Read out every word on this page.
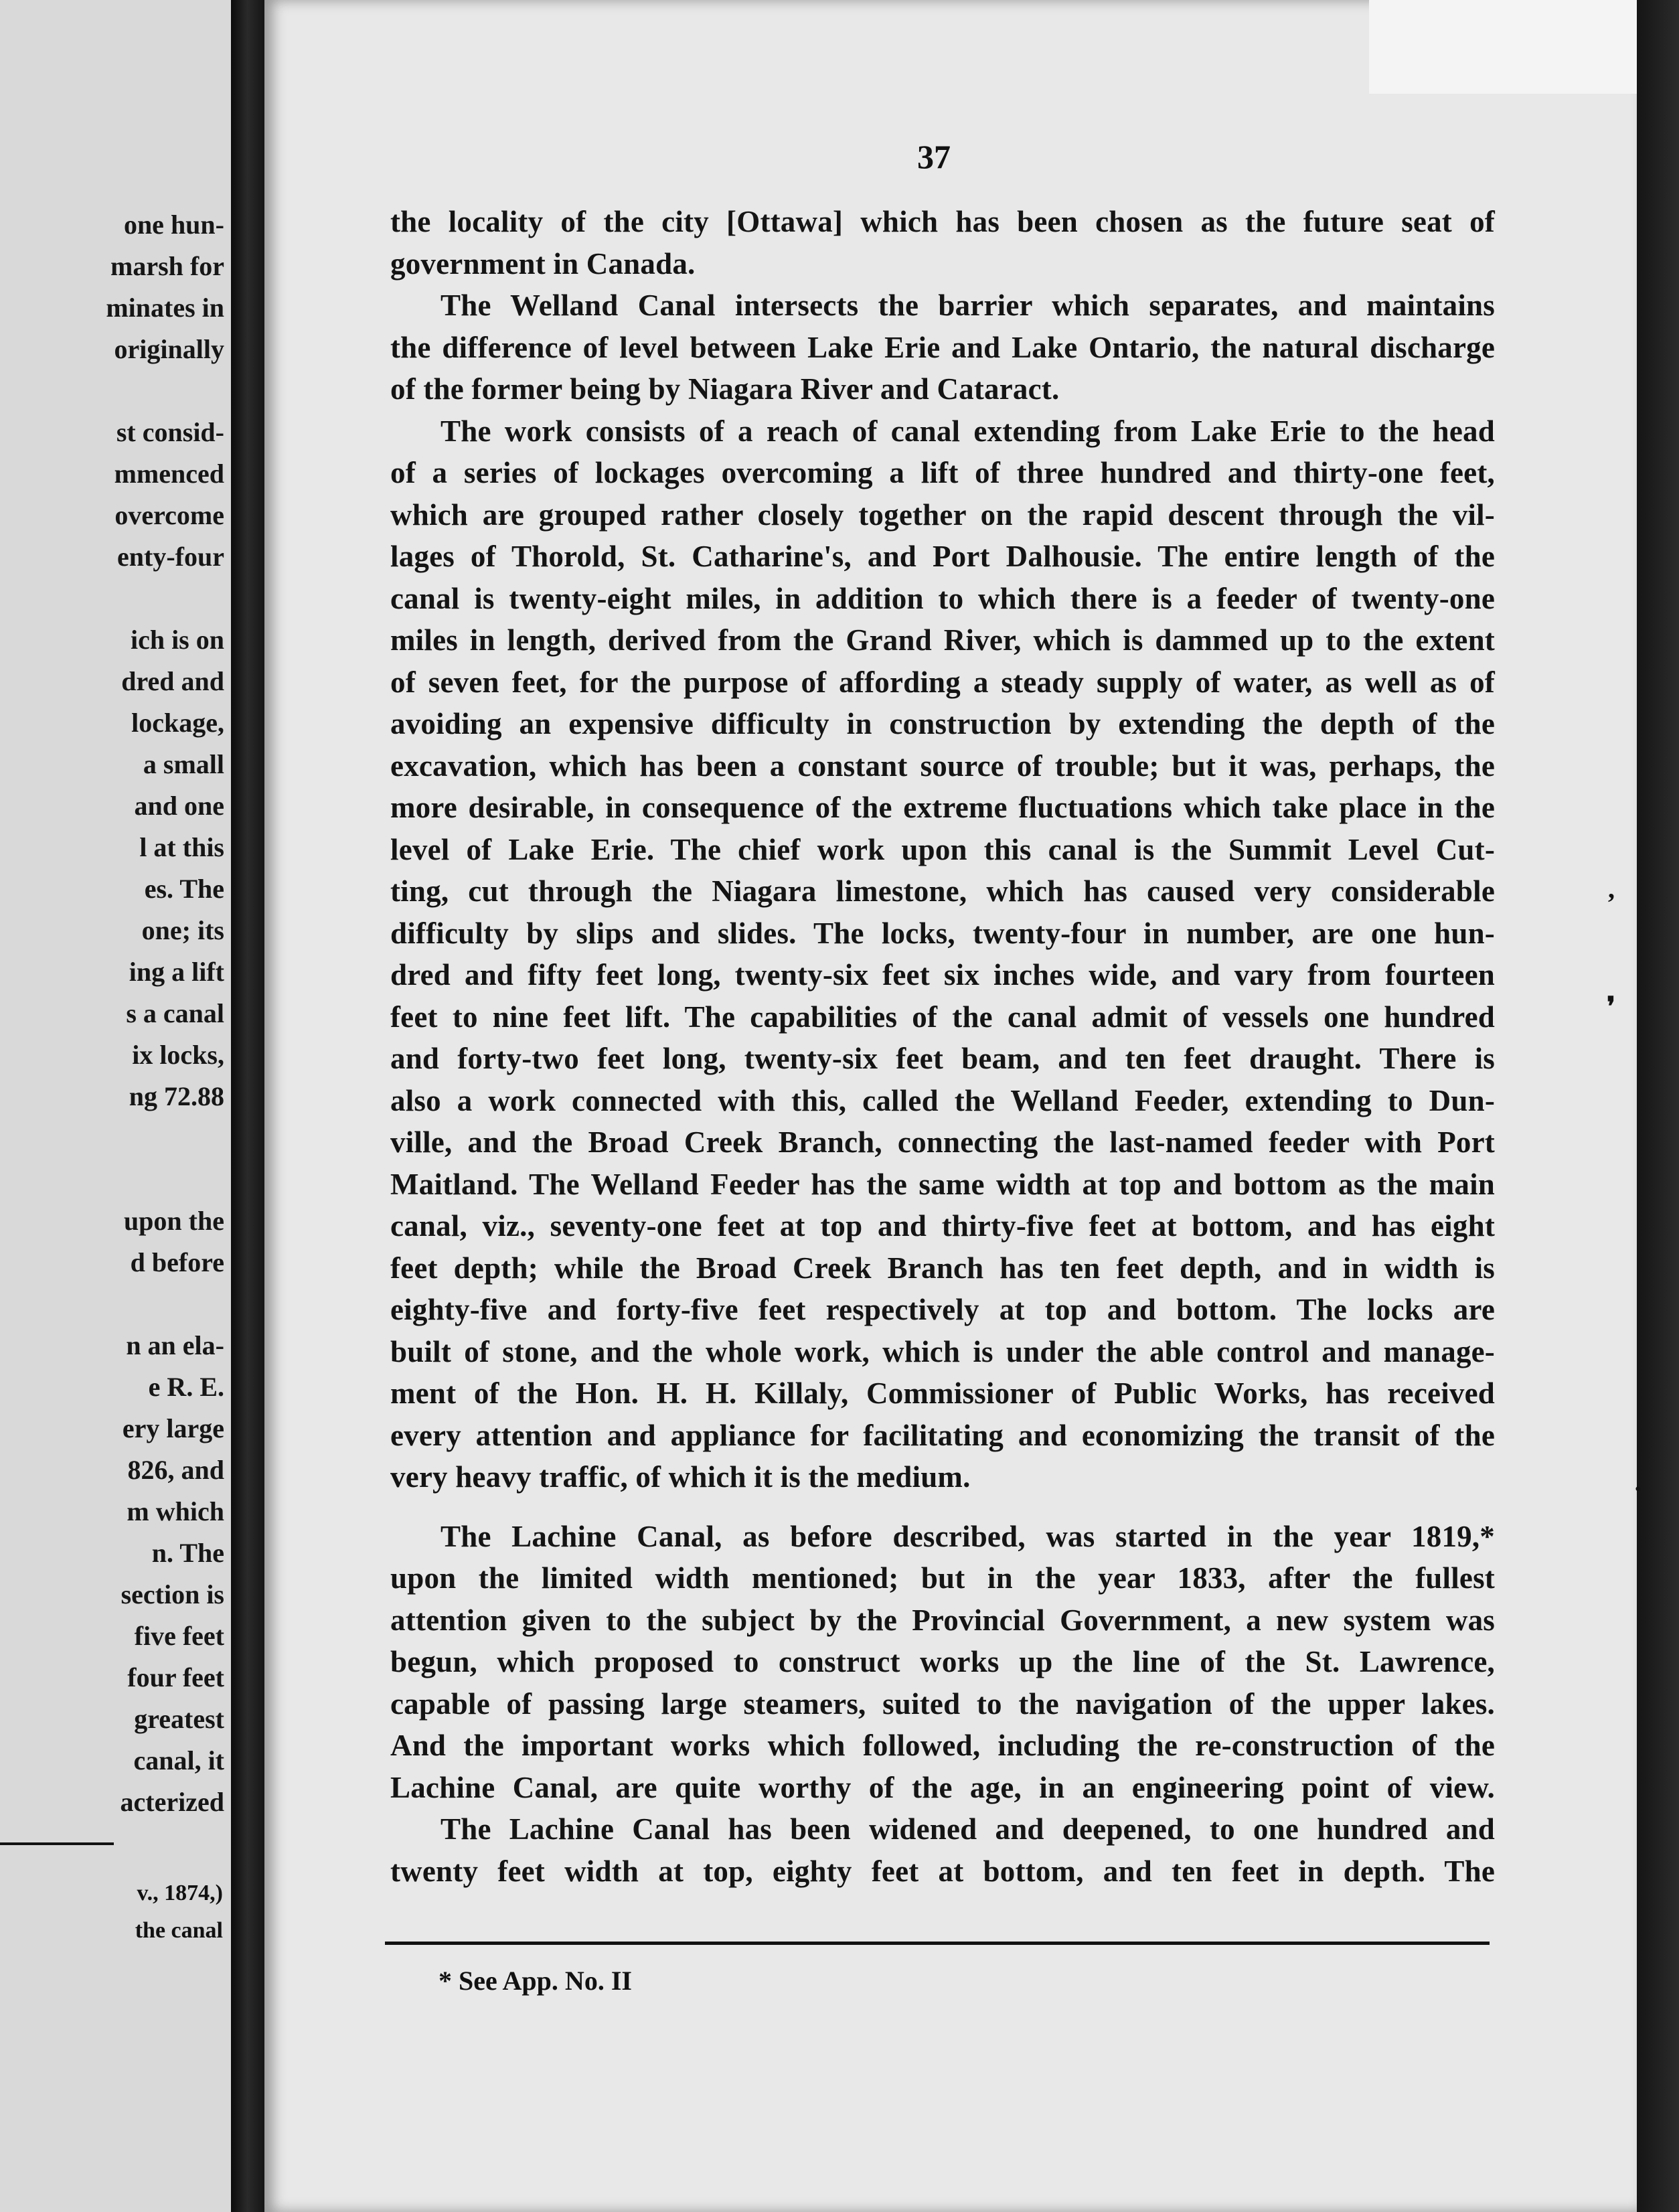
one hun-
marsh for
minates in
originally

st consid-
mmenced
overcome
enty-four

ich is on
dred and
lockage,
a small
and one
l at this
es. The
one; its
ing a lift
s a canal
ix locks,
ng 72.88

upon the
d before

n an ela-
e R. E.
ery large
826, and
m which
n. The
section is
five feet
four feet
greatest
canal, it
acterized
v., 1874,)
the canal
37
the locality of the city [Ottawa] which has been chosen as the future seat of
government in Canada.
The Welland Canal intersects the barrier which separates, and maintains
the difference of level between Lake Erie and Lake Ontario, the natural discharge
of the former being by Niagara River and Cataract.
The work consists of a reach of canal extending from Lake Erie to the head
of a series of lockages overcoming a lift of three hundred and thirty-one feet,
which are grouped rather closely together on the rapid descent through the vil-
lages of Thorold, St. Catharine's, and Port Dalhousie. The entire length of the
canal is twenty-eight miles, in addition to which there is a feeder of twenty-one
miles in length, derived from the Grand River, which is dammed up to the extent
of seven feet, for the purpose of affording a steady supply of water, as well as of
avoiding an expensive difficulty in construction by extending the depth of the
excavation, which has been a constant source of trouble; but it was, perhaps, the
more desirable, in consequence of the extreme fluctuations which take place in the
level of Lake Erie. The chief work upon this canal is the Summit Level Cut-
ting, cut through the Niagara limestone, which has caused very considerable
difficulty by slips and slides. The locks, twenty-four in number, are one hun-
dred and fifty feet long, twenty-six feet six inches wide, and vary from fourteen
feet to nine feet lift. The capabilities of the canal admit of vessels one hundred
and forty-two feet long, twenty-six feet beam, and ten feet draught. There is
also a work connected with this, called the Welland Feeder, extending to Dun-
ville, and the Broad Creek Branch, connecting the last-named feeder with Port
Maitland. The Welland Feeder has the same width at top and bottom as the main
canal, viz., seventy-one feet at top and thirty-five feet at bottom, and has eight
feet depth; while the Broad Creek Branch has ten feet depth, and in width is
eighty-five and forty-five feet respectively at top and bottom. The locks are
built of stone, and the whole work, which is under the able control and manage-
ment of the Hon. H. H. Killaly, Commissioner of Public Works, has received
every attention and appliance for facilitating and economizing the transit of the
very heavy traffic, of which it is the medium.
The Lachine Canal, as before described, was started in the year 1819,*
upon the limited width mentioned; but in the year 1833, after the fullest
attention given to the subject by the Provincial Government, a new system was
begun, which proposed to construct works up the line of the St. Lawrence,
capable of passing large steamers, suited to the navigation of the upper lakes.
And the important works which followed, including the re-construction of the
Lachine Canal, are quite worthy of the age, in an engineering point of view.
The Lachine Canal has been widened and deepened, to one hundred and
twenty feet width at top, eighty feet at bottom, and ten feet in depth. The
* See App. No. II
ʼ
❜
·
